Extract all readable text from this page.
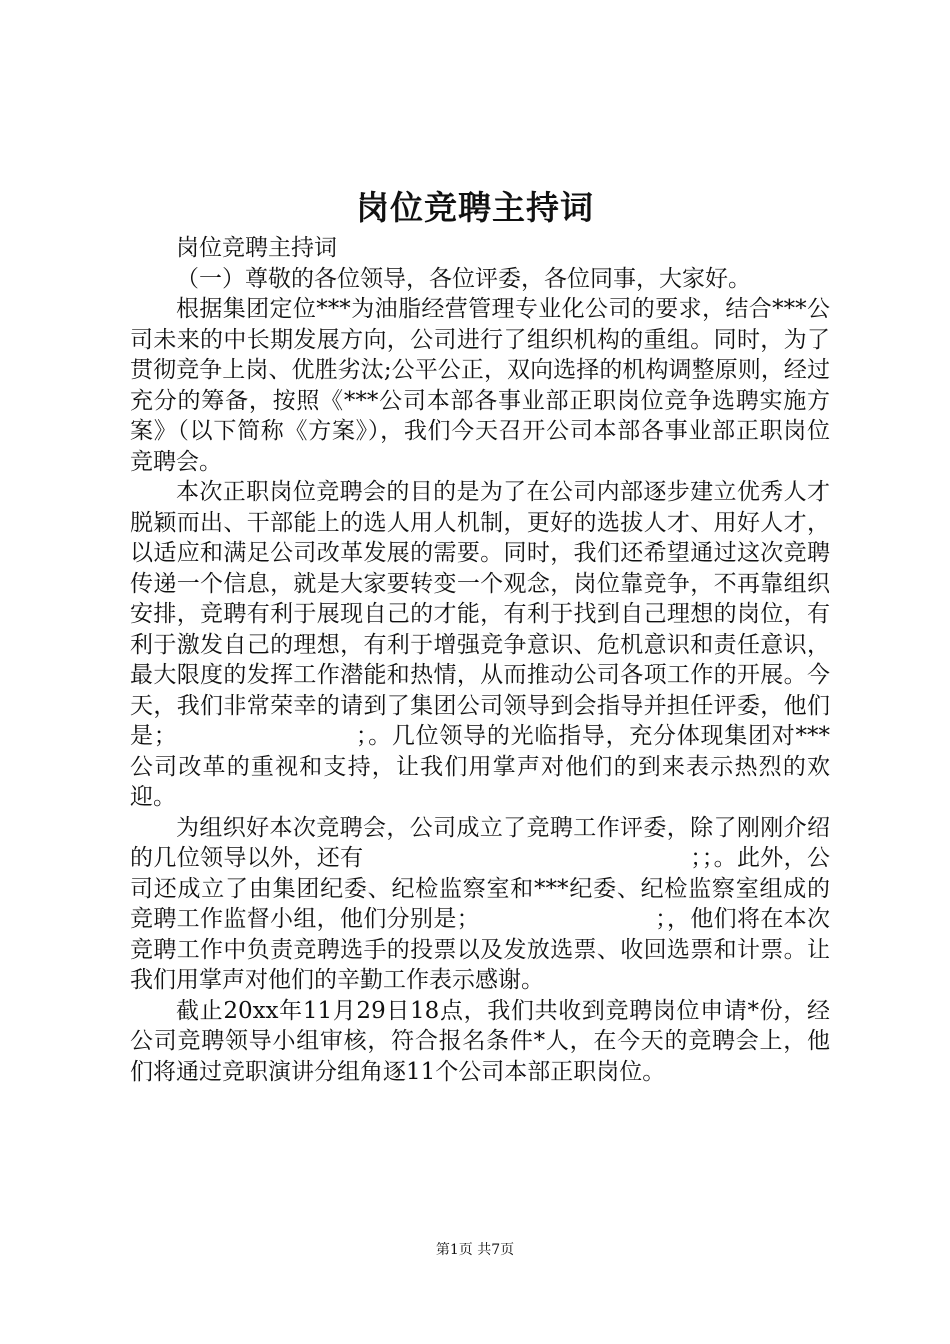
岗位竞聘主持词

岗位竞聘主持词

（一）尊敬的各位领导，各位评委，各位同事，大家好。

根据集团定位***为油脂经营管理专业化公司的要求，结合***公司未来的中长期发展方向，公司进行了组织机构的重组。同时，为了贯彻竞争上岗、优胜劣汰;公平公正，双向选择的机构调整原则，经过充分的筹备，按照《***公司本部各事业部正职岗位竞争选聘实施方案》（以下简称《方案》），我们今天召开公司本部各事业部正职岗位竞聘会。

本次正职岗位竞聘会的目的是为了在公司内部逐步建立优秀人才脱颖而出、干部能上的选人用人机制，更好的选拔人才、用好人才，以适应和满足公司改革发展的需要。同时，我们还希望通过这次竞聘传递一个信息，就是大家要转变一个观念，岗位靠竞争，不再靠组织安排，竞聘有利于展现自己的才能，有利于找到自己理想的岗位，有利于激发自己的理想，有利于增强竞争意识、危机意识和责任意识，最大限度的发挥工作潜能和热情，从而推动公司各项工作的开展。今天，我们非常荣幸的请到了集团公司领导到会指导并担任评委，他们是；　　　　　　　　；。几位领导的光临指导，充分体现集团对***公司改革的重视和支持，让我们用掌声对他们的到来表示热烈的欢迎。

为组织好本次竞聘会，公司成立了竞聘工作评委，除了刚刚介绍的几位领导以外，还有　　　　　　　　　　　　　　；；。此外，公司还成立了由集团纪委、纪检监察室和***纪委、纪检监察室组成的竞聘工作监督小组，他们分别是；　　　　　　　　；，他们将在本次竞聘工作中负责竞聘选手的投票以及发放选票、收回选票和计票。让我们用掌声对他们的辛勤工作表示感谢。

截止20xx年11月29日18点，我们共收到竞聘岗位申请*份，经公司竞聘领导小组审核，符合报名条件*人，在今天的竞聘会上，他们将通过竞职演讲分组角逐11个公司本部正职岗位。

第1页 共7页
